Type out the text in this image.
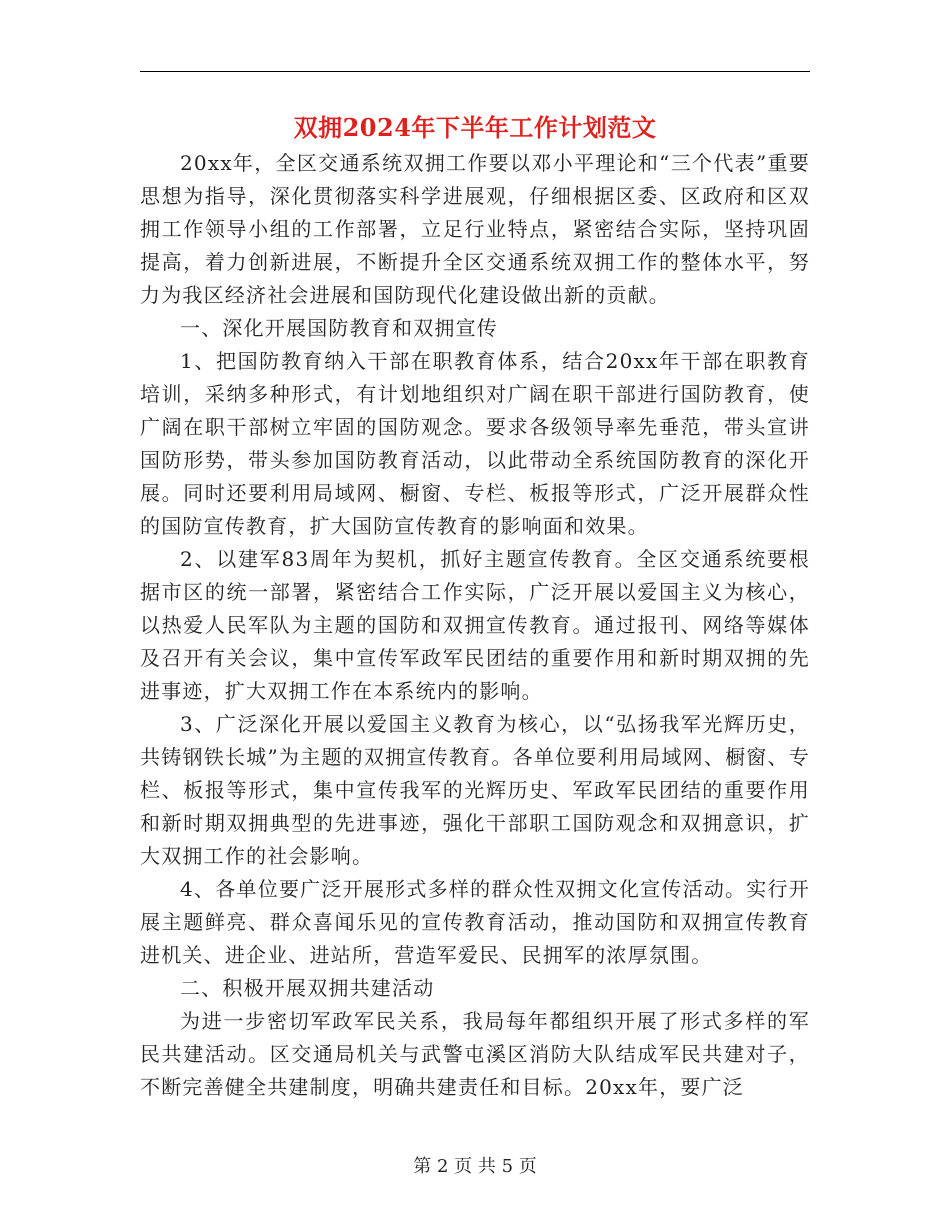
双拥2024年下半年工作计划范文

20xx年，全区交通系统双拥工作要以邓小平理论和“三个代表”重要思想为指导，深化贯彻落实科学进展观，仔细根据区委、区政府和区双拥工作领导小组的工作部署，立足行业特点，紧密结合实际，坚持巩固提高，着力创新进展，不断提升全区交通系统双拥工作的整体水平，努力为我区经济社会进展和国防现代化建设做出新的贡献。

一、深化开展国防教育和双拥宣传

1、把国防教育纳入干部在职教育体系，结合20xx年干部在职教育培训，采纳多种形式，有计划地组织对广阔在职干部进行国防教育，使广阔在职干部树立牢固的国防观念。要求各级领导率先垂范，带头宣讲国防形势，带头参加国防教育活动，以此带动全系统国防教育的深化开展。同时还要利用局域网、橱窗、专栏、板报等形式，广泛开展群众性的国防宣传教育，扩大国防宣传教育的影响面和效果。

2、以建军83周年为契机，抓好主题宣传教育。全区交通系统要根据市区的统一部署，紧密结合工作实际，广泛开展以爱国主义为核心，以热爱人民军队为主题的国防和双拥宣传教育。通过报刊、网络等媒体及召开有关会议，集中宣传军政军民团结的重要作用和新时期双拥的先进事迹，扩大双拥工作在本系统内的影响。

3、广泛深化开展以爱国主义教育为核心，以“弘扬我军光辉历史，共铸钢铁长城”为主题的双拥宣传教育。各单位要利用局域网、橱窗、专栏、板报等形式，集中宣传我军的光辉历史、军政军民团结的重要作用和新时期双拥典型的先进事迹，强化干部职工国防观念和双拥意识，扩大双拥工作的社会影响。

4、各单位要广泛开展形式多样的群众性双拥文化宣传活动。实行开展主题鲜亮、群众喜闻乐见的宣传教育活动，推动国防和双拥宣传教育进机关、进企业、进站所，营造军爱民、民拥军的浓厚氛围。

二、积极开展双拥共建活动

为进一步密切军政军民关系，我局每年都组织开展了形式多样的军民共建活动。区交通局机关与武警屯溪区消防大队结成军民共建对子，不断完善健全共建制度，明确共建责任和目标。20xx年，要广泛

第 2 页 共 5 页
